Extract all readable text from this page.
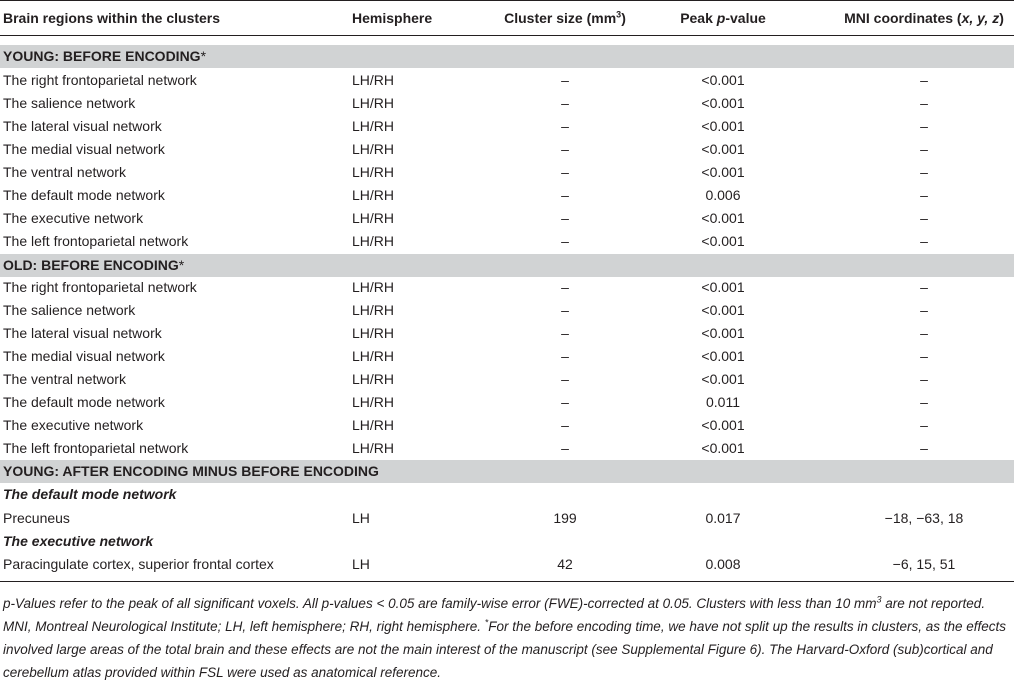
Brain regions within the clusters	Hemisphere	Cluster size $(mm^3)$	Peak p-value	MNI coordinates (x, y, z)
YOUNG: BEFORE ENCODING*
The right frontoparietal network	LH/RH	–	<0.001	–
The salience network	LH/RH	–	<0.001	–
The lateral visual network	LH/RH	–	<0.001	–
The medial visual network	LH/RH	–	<0.001	–
The ventral network	LH/RH	–	<0.001	–
The default mode network	LH/RH	–	0.006	–
The executive network	LH/RH	–	<0.001	–
The left frontoparietal network	LH/RH	–	<0.001	–
OLD: BEFORE ENCODING*
The right frontoparietal network	LH/RH	–	<0.001	–
The salience network	LH/RH	–	<0.001	–
The lateral visual network	LH/RH	–	<0.001	–
The medial visual network	LH/RH	–	<0.001	–
The ventral network	LH/RH	–	<0.001	–
The default mode network	LH/RH	–	0.011	–
The executive network	LH/RH	–	<0.001	–
The left frontoparietal network	LH/RH	–	<0.001	–
YOUNG: AFTER ENCODING MINUS BEFORE ENCODING
The default mode network
Precuneus	LH	199	0.017	−18, −63, 18
The executive network
Paracingulate cortex, superior frontal cortex	LH	42	0.008	−6, 15, 51
p-Values refer to the peak of all significant voxels. All p-values < 0.05 are family-wise error (FWE)-corrected at 0.05. Clusters with less than 10 $mm^3$ are not reported.
MNI, Montreal Neurological Institute; LH, left hemisphere; RH, right hemisphere. *For the before encoding time, we have not split up the results in clusters, as the effects involved large areas of the total brain and these effects are not the main interest of the manuscript (see Supplemental Figure 6). The Harvard-Oxford (sub)cortical and cerebellum atlas provided within FSL were used as anatomical reference.
